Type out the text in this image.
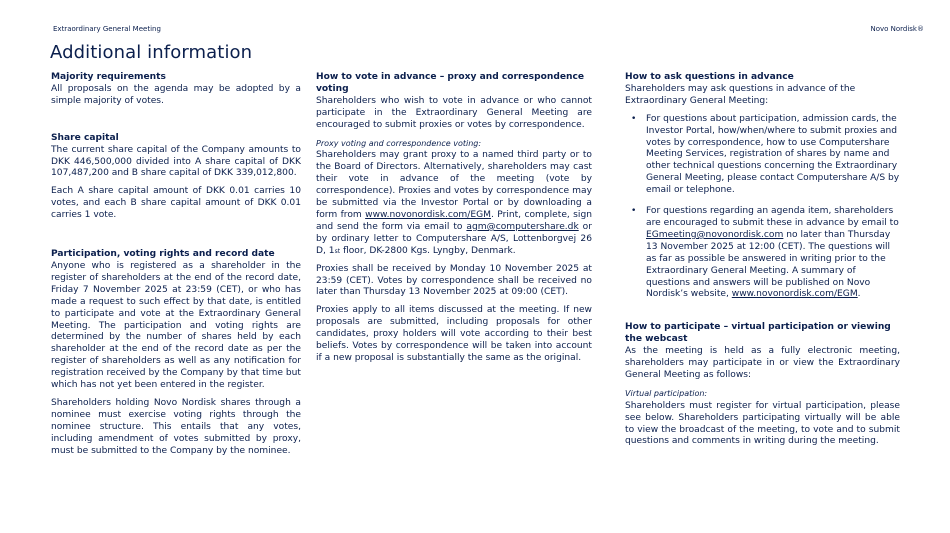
Extraordinary General Meeting	Novo Nordisk®
Additional information

Majority requirements

All proposals on the agenda may be adopted by a simple majority of votes.

Share capital

The current share capital of the Company amounts to DKK 446,500,000 divided into A share capital of DKK 107,487,200 and B share capital of DKK 339,012,800.

Each A share capital amount of DKK 0.01 carries 10 votes, and each B share capital amount of DKK 0.01 carries 1 vote.

Participation, voting rights and record date

Anyone who is registered as a shareholder in the register of shareholders at the end of the record date, Friday 7 November 2025 at 23:59 (CET), or who has made a request to such effect by that date, is entitled to participate and vote at the Extraordinary General Meeting. The participation and voting rights are determined by the number of shares held by each shareholder at the end of the record date as per the register of shareholders as well as any notification for registration received by the Company by that time but which has not yet been entered in the register.

Shareholders holding Novo Nordisk shares through a nominee must exercise voting rights through the nominee structure. This entails that any votes, including amendment of votes submitted by proxy, must be submitted to the Company by the nominee.

How to vote in advance – proxy and correspondence voting

Shareholders who wish to vote in advance or who cannot participate in the Extraordinary General Meeting are encouraged to submit proxies or votes by correspondence.

Proxy voting and correspondence voting:

Shareholders may grant proxy to a named third party or to the Board of Directors. Alternatively, shareholders may cast their vote in advance of the meeting (vote by correspondence). Proxies and votes by correspondence may be submitted via the Investor Portal or by downloading a form from www.novonordisk.com/EGM. Print, complete, sign and send the form via email to agm@computershare.dk or by ordinary letter to Computershare A/S, Lottenborgvej 26 D, 1st floor, DK-2800 Kgs. Lyngby, Denmark.

Proxies shall be received by Monday 10 November 2025 at 23:59 (CET). Votes by correspondence shall be received no later than Thursday 13 November 2025 at 09:00 (CET).

Proxies apply to all items discussed at the meeting. If new proposals are submitted, including proposals for other candidates, proxy holders will vote according to their best beliefs. Votes by correspondence will be taken into account if a new proposal is substantially the same as the original.

How to ask questions in advance

Shareholders may ask questions in advance of the Extraordinary General Meeting:

• For questions about participation, admission cards, the Investor Portal, how/when/where to submit proxies and votes by correspondence, how to use Computershare Meeting Services, registration of shares by name and other technical questions concerning the Extraordinary General Meeting, please contact Computershare A/S by email or telephone.
• For questions regarding an agenda item, shareholders are encouraged to submit these in advance by email to EGmeeting@novonordisk.com no later than Thursday 13 November 2025 at 12:00 (CET). The questions will as far as possible be answered in writing prior to the Extraordinary General Meeting. A summary of questions and answers will be published on Novo Nordisk’s website, www.novonordisk.com/EGM.

How to participate – virtual participation or viewing the webcast

As the meeting is held as a fully electronic meeting, shareholders may participate in or view the Extraordinary General Meeting as follows:

Virtual participation:

Shareholders must register for virtual participation, please see below. Shareholders participating virtually will be able to view the broadcast of the meeting, to vote and to submit questions and comments in writing during the meeting.
